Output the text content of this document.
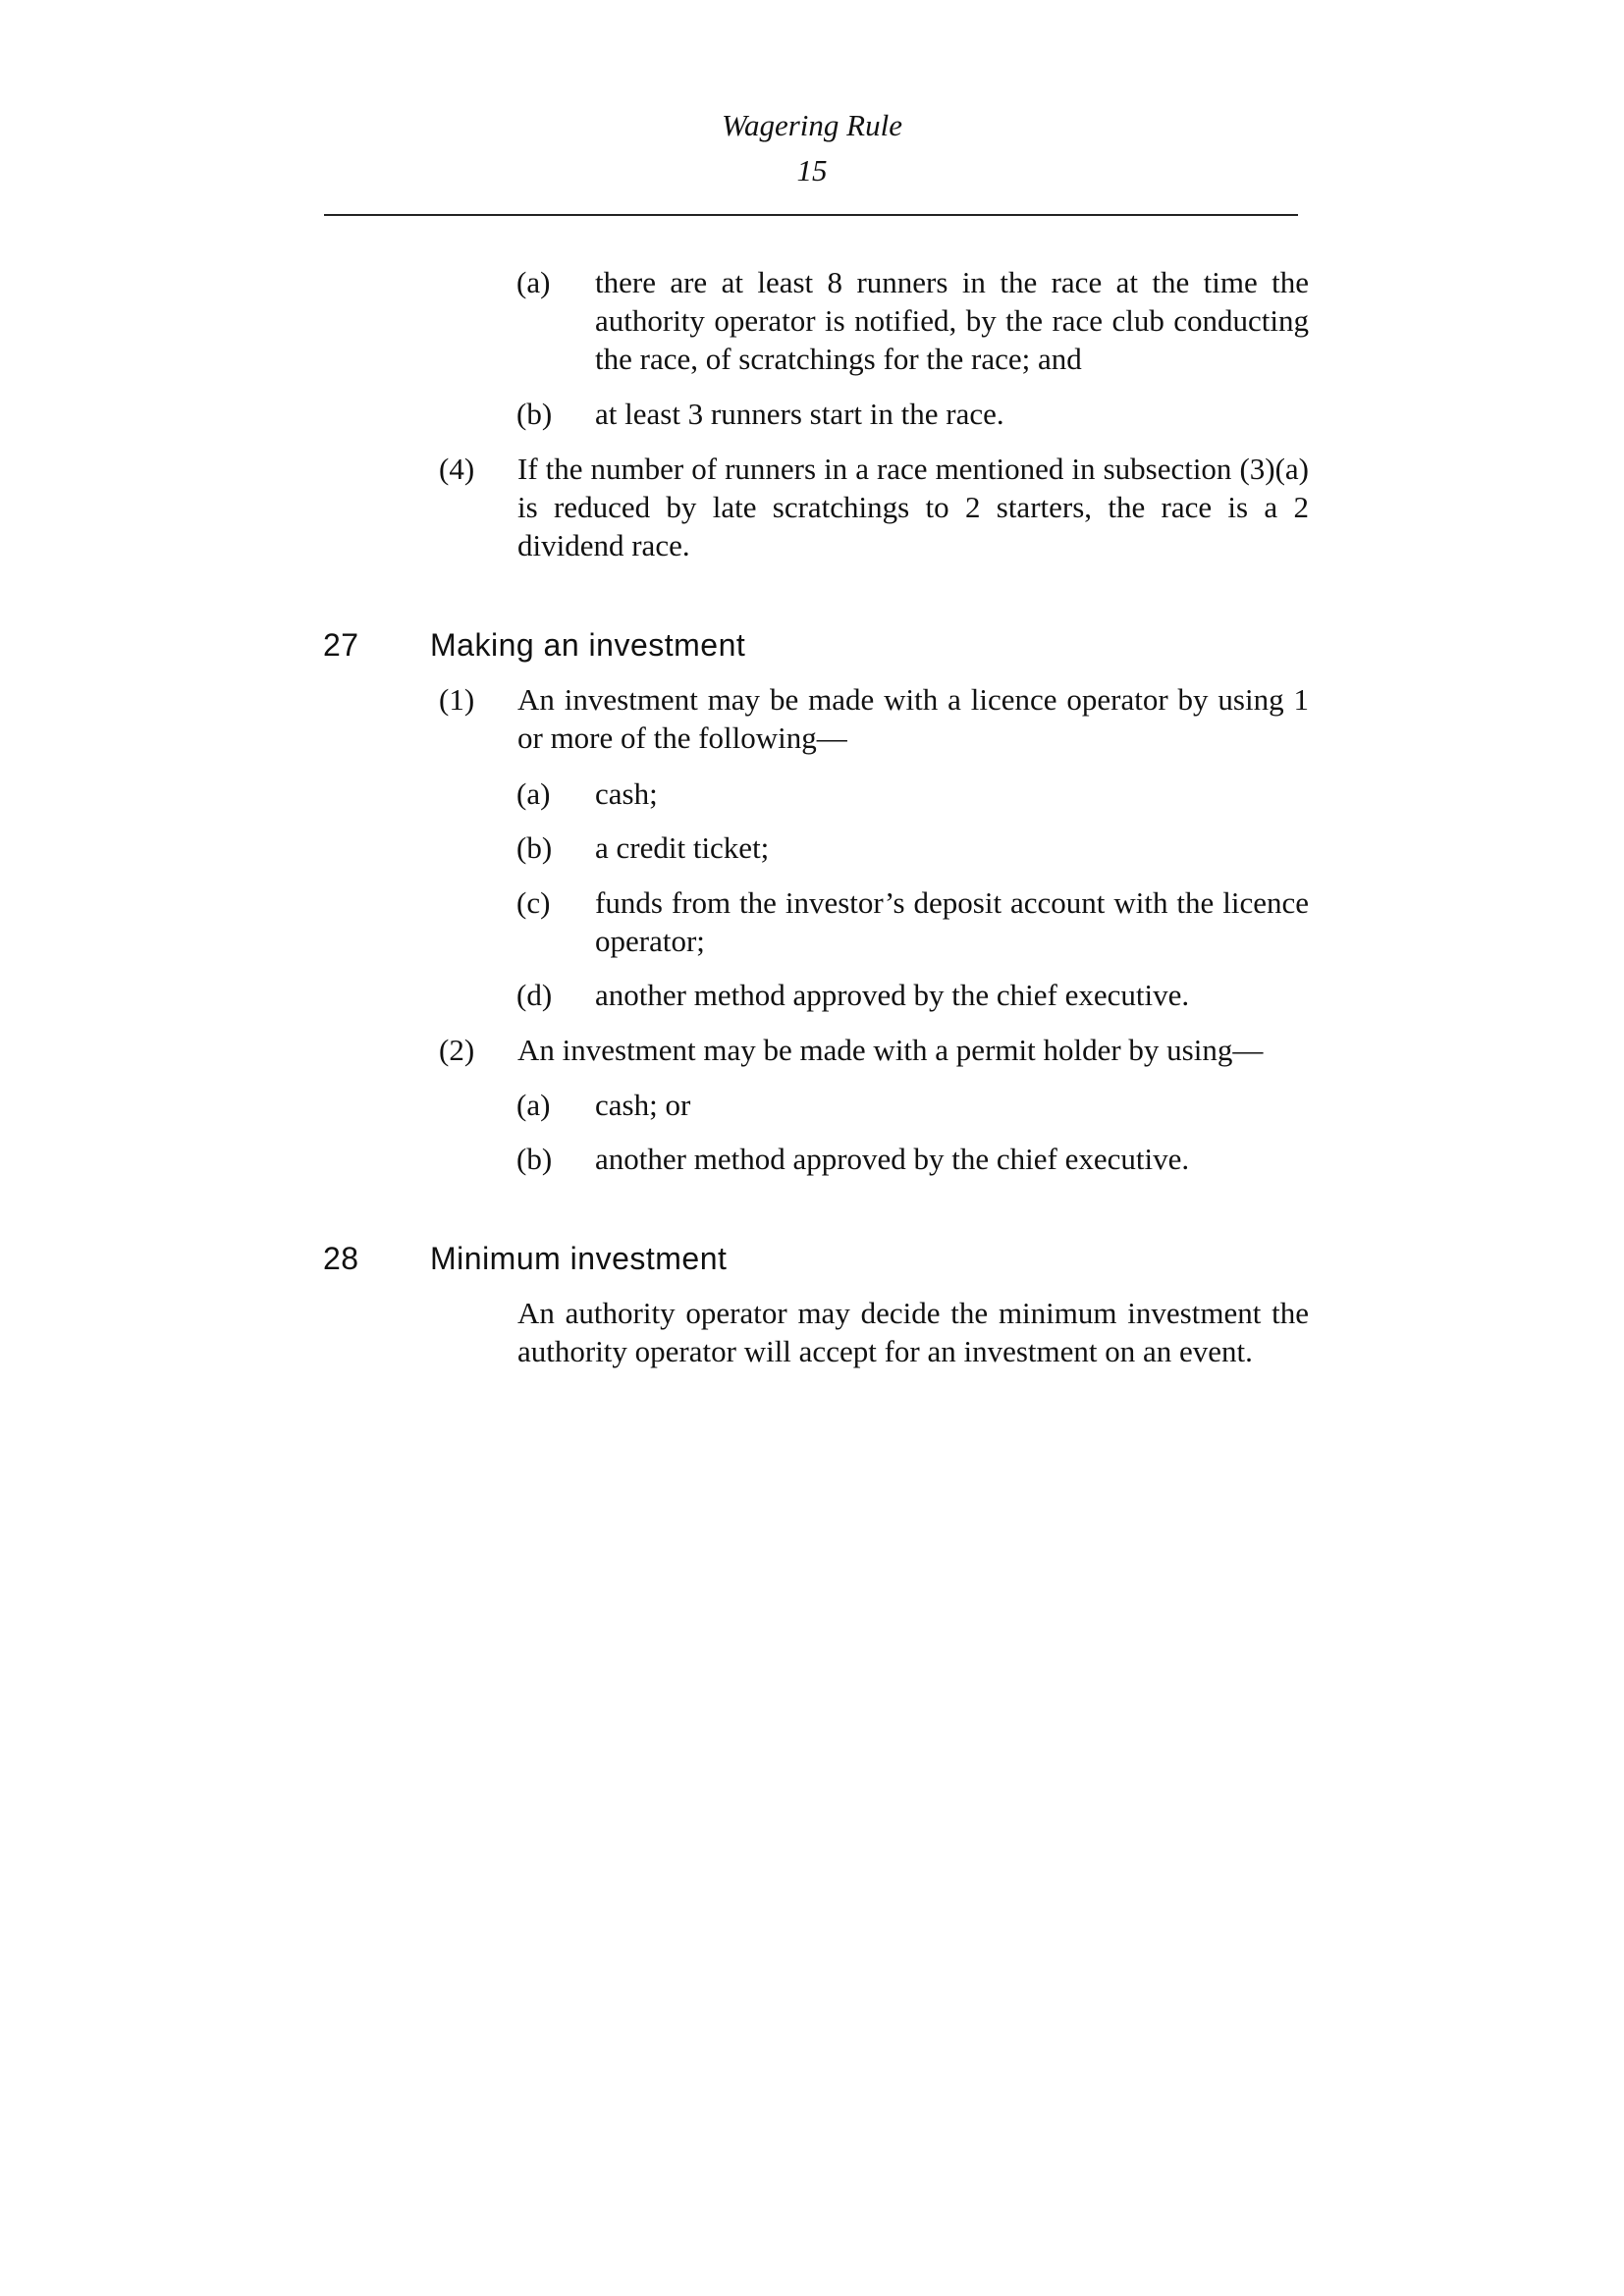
Wagering Rule
15
(a) there are at least 8 runners in the race at the time the authority operator is notified, by the race club conducting the race, of scratchings for the race; and
(b) at least 3 runners start in the race.
(4) If the number of runners in a race mentioned in subsection (3)(a) is reduced by late scratchings to 2 starters, the race is a 2 dividend race.
27 Making an investment
(1) An investment may be made with a licence operator by using 1 or more of the following—
(a) cash;
(b) a credit ticket;
(c) funds from the investor’s deposit account with the licence operator;
(d) another method approved by the chief executive.
(2) An investment may be made with a permit holder by using—
(a) cash; or
(b) another method approved by the chief executive.
28 Minimum investment
An authority operator may decide the minimum investment the authority operator will accept for an investment on an event.
